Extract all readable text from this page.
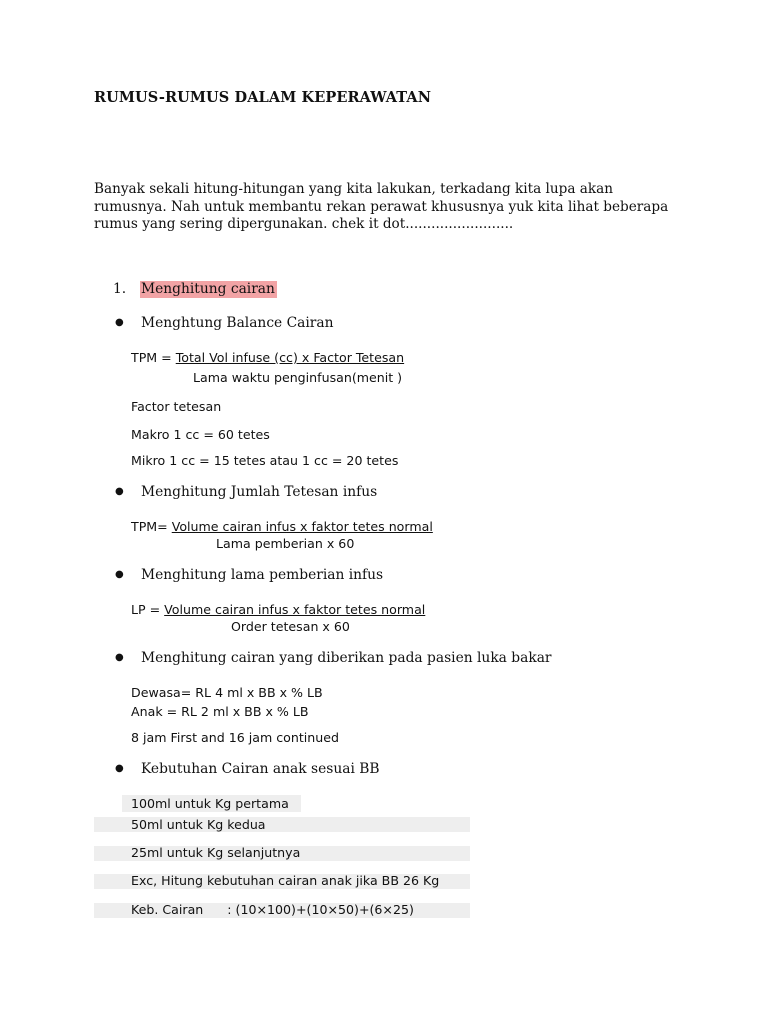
RUMUS-RUMUS DALAM KEPERAWATAN
Banyak sekali hitung-hitungan yang kita lakukan, terkadang kita lupa akan
rumusnya. Nah untuk membantu rekan perawat khususnya yuk kita lihat beberapa
rumus yang sering dipergunakan. chek it dot.........................
1. Menghitung cairan
● Menghtung Balance Cairan
TPM = Total Vol infuse (cc) x Factor Tetesan
Lama waktu penginfusan(menit )
Factor tetesan
Makro 1 cc = 60 tetes
Mikro 1 cc = 15 tetes atau 1 cc = 20 tetes
● Menghitung Jumlah Tetesan infus
TPM= Volume cairan infus x faktor tetes normal
Lama pemberian x 60
● Menghitung lama pemberian infus
LP = Volume cairan infus x faktor tetes normal
Order tetesan x 60
● Menghitung cairan yang diberikan pada pasien luka bakar
Dewasa= RL 4 ml x BB x % LB
Anak = RL 2 ml x BB x % LB
8 jam First and 16 jam continued
● Kebutuhan Cairan anak sesuai BB
100ml untuk Kg pertama
50ml untuk Kg kedua
25ml untuk Kg selanjutnya
Exc, Hitung kebutuhan cairan anak jika BB 26 Kg
Keb. Cairan      : (10×100)+(10×50)+(6×25)
